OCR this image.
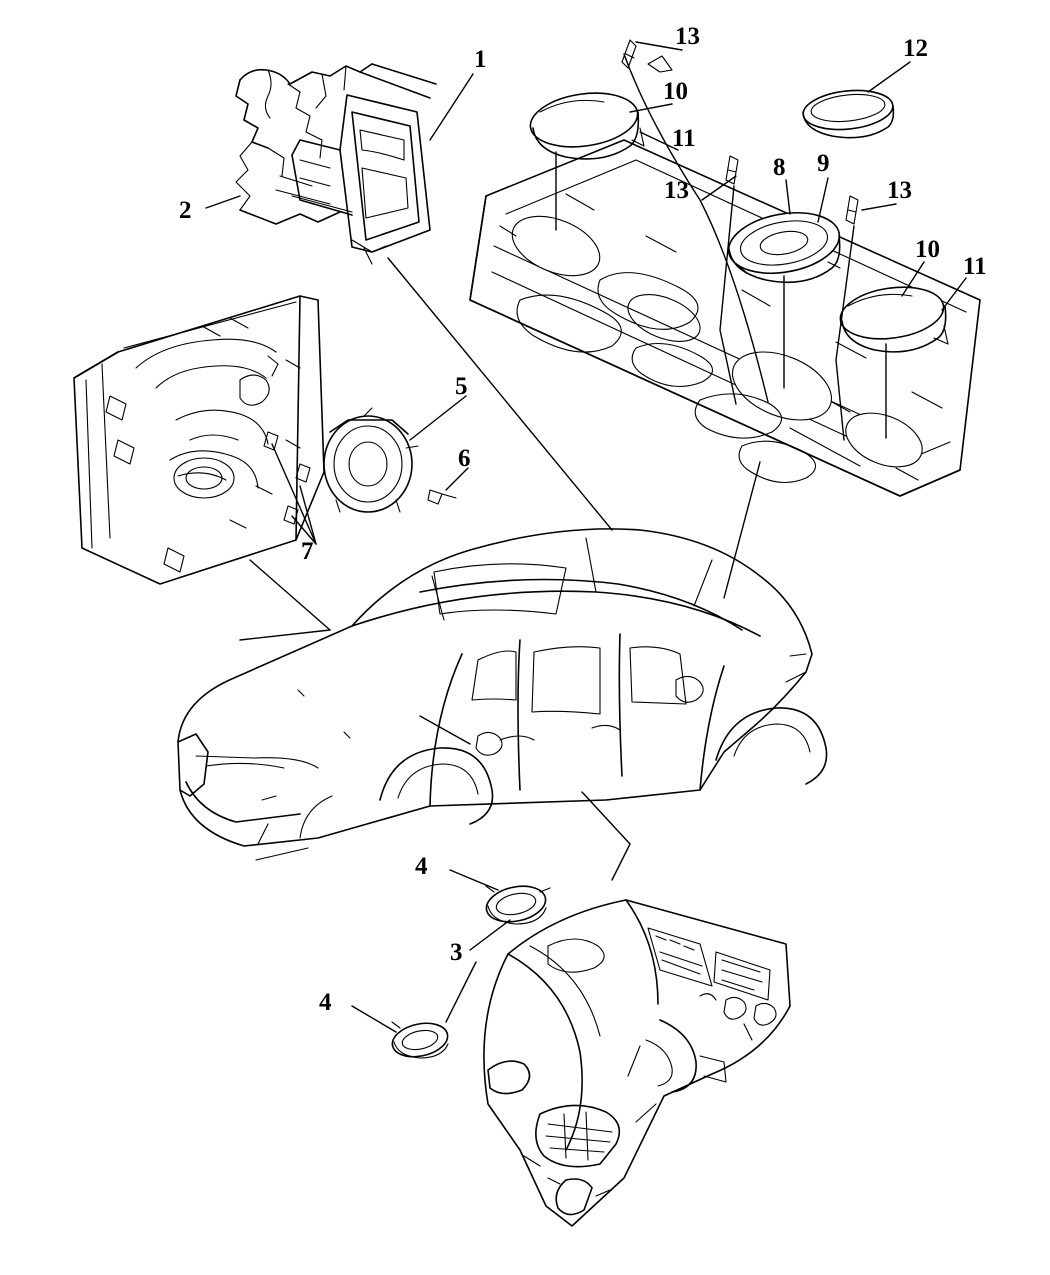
1
2
3
4
4
5
6
7
8 9
10
10
11
11
12
13
13	13
